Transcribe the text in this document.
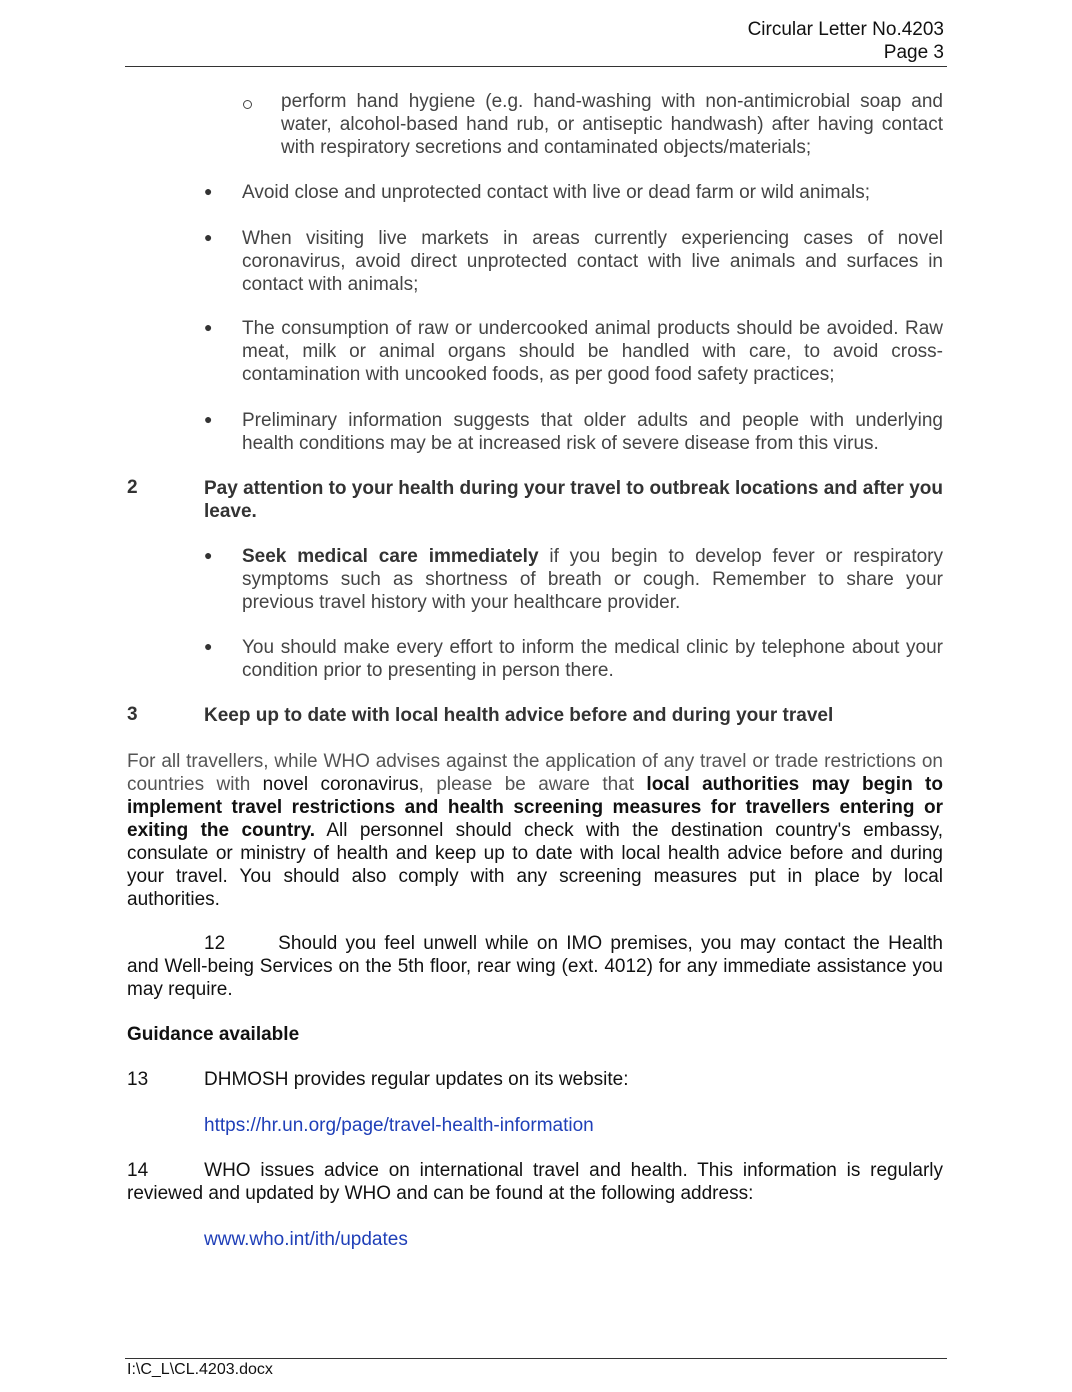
Circular Letter No.4203
Page 3
perform hand hygiene (e.g. hand-washing with non-antimicrobial soap and water, alcohol-based hand rub, or antiseptic handwash) after having contact with respiratory secretions and contaminated objects/materials;
● Avoid close and unprotected contact with live or dead farm or wild animals;
● When visiting live markets in areas currently experiencing cases of novel coronavirus, avoid direct unprotected contact with live animals and surfaces in contact with animals;
● The consumption of raw or undercooked animal products should be avoided. Raw meat, milk or animal organs should be handled with care, to avoid cross-contamination with uncooked foods, as per good food safety practices;
● Preliminary information suggests that older adults and people with underlying health conditions may be at increased risk of severe disease from this virus.
2	Pay attention to your health during your travel to outbreak locations and after you leave.
● Seek medical care immediately if you begin to develop fever or respiratory symptoms such as shortness of breath or cough. Remember to share your previous travel history with your healthcare provider.
● You should make every effort to inform the medical clinic by telephone about your condition prior to presenting in person there.
3	Keep up to date with local health advice before and during your travel
For all travellers, while WHO advises against the application of any travel or trade restrictions on countries with novel coronavirus, please be aware that local authorities may begin to implement travel restrictions and health screening measures for travellers entering or exiting the country. All personnel should check with the destination country's embassy, consulate or ministry of health and keep up to date with local health advice before and during your travel. You should also comply with any screening measures put in place by local authorities.
12	Should you feel unwell while on IMO premises, you may contact the Health and Well-being Services on the 5th floor, rear wing (ext. 4012) for any immediate assistance you may require.
Guidance available
13	DHMOSH provides regular updates on its website:
https://hr.un.org/page/travel-health-information
14	WHO issues advice on international travel and health. This information is regularly reviewed and updated by WHO and can be found at the following address:
www.who.int/ith/updates
I:\C_L\CL.4203.docx
